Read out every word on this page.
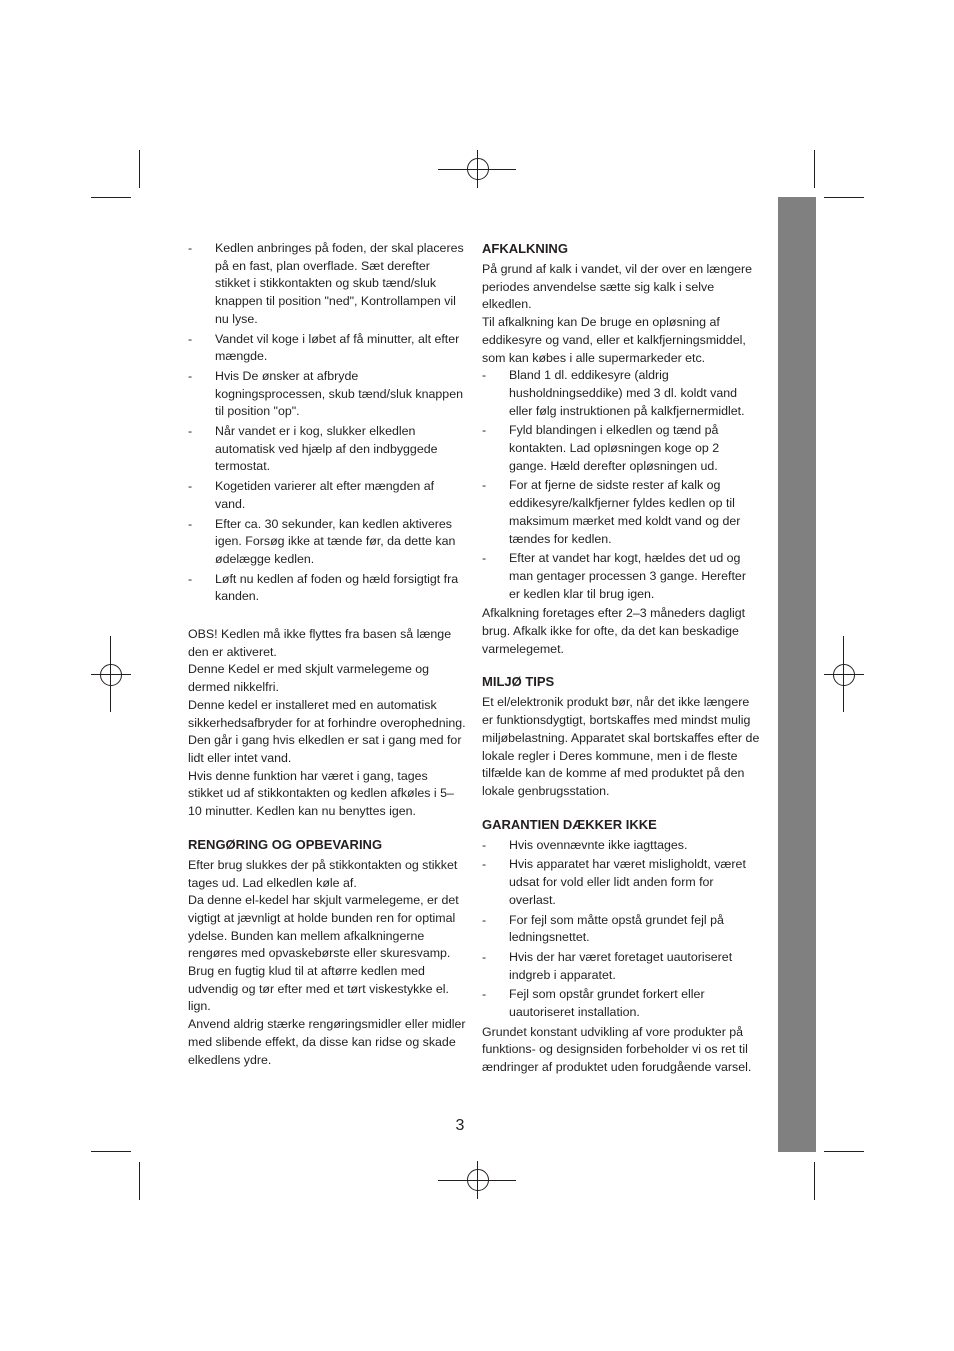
- Kedlen anbringes på foden, der skal placeres på en fast, plan overflade. Sæt derefter stikket i stikkontakten og skub tænd/sluk knappen til position "ned", Kontrollampen vil nu lyse.
- Vandet vil koge i løbet af få minutter, alt efter mængde.
- Hvis De ønsker at afbryde kogningsprocessen, skub tænd/sluk knappen til position "op".
- Når vandet er i kog, slukker elkedlen automatisk ved hjælp af den indbyggede termostat.
- Kogetiden varierer alt efter mængden af vand.
- Efter ca. 30 sekunder, kan kedlen aktiveres igen. Forsøg ikke at tænde før, da dette kan ødelægge kedlen.
- Løft nu kedlen af foden og hæld forsigtigt fra kanden.

OBS! Kedlen må ikke flyttes fra basen så længe den er aktiveret.

Denne Kedel er med skjult varmelegeme og dermed nikkelfri.

Denne kedel er installeret med en automatisk sikkerhedsafbryder for at forhindre overophedning. Den går i gang hvis elkedlen er sat i gang med for lidt eller intet vand.

Hvis denne funktion har været i gang, tages stikket ud af stikkontakten og kedlen afkøles i 5–10 minutter. Kedlen kan nu benyttes igen.

RENGØRING OG OPBEVARING

Efter brug slukkes der på stikkontakten og stikket tages ud. Lad elkedlen køle af.

Da denne el-kedel har skjult varmelegeme, er det vigtigt at jævnligt at holde bunden ren for optimal ydelse. Bunden kan mellem afkalkningerne rengøres med opvaskebørste eller skuresvamp. Brug en fugtig klud til at aftørre kedlen med udvendig og tør efter med et tørt viskestykke el. lign.

Anvend aldrig stærke rengøringsmidler eller midler med slibende effekt, da disse kan ridse og skade elkedlens ydre.

AFKALKNING

På grund af kalk i vandet, vil der over en længere periodes anvendelse sætte sig kalk i selve elkedlen.

Til afkalkning kan De bruge en opløsning af eddikesyre og vand, eller et kalkfjerningsmiddel, som kan købes i alle supermarkeder etc.

- Bland 1 dl. eddikesyre (aldrig husholdningseddike) med 3 dl. koldt vand eller følg instruktionen på kalkfjernermidlet.
- Fyld blandingen i elkedlen og tænd på kontakten. Lad opløsningen koge op 2 gange. Hæld derefter opløsningen ud.
- For at fjerne de sidste rester af kalk og eddikesyre/kalkfjerner fyldes kedlen op til maksimum mærket med koldt vand og der tændes for kedlen.
- Efter at vandet har kogt, hældes det ud og man gentager processen 3 gange. Herefter er kedlen klar til brug igen.

Afkalkning foretages efter 2–3 måneders dagligt brug. Afkalk ikke for ofte, da det kan beskadige varmelegemet.

MILJØ TIPS

Et el/elektronik produkt bør, når det ikke længere er funktionsdygtigt, bortskaffes med mindst mulig miljøbelastning. Apparatet skal bortskaffes efter de lokale regler i Deres kommune, men i de fleste tilfælde kan de komme af med produktet på den lokale genbrugsstation.

GARANTIEN DÆKKER IKKE
- Hvis ovennævnte ikke iagttages.
- Hvis apparatet har været misligholdt, været udsat for vold eller lidt anden form for overlast.
- For fejl som måtte opstå grundet fejl på ledningsnettet.
- Hvis der har været foretaget uautoriseret indgreb i apparatet.
- Fejl som opstår grundet forkert eller uautoriseret installation.

Grundet konstant udvikling af vore produkter på funktions- og designsiden forbeholder vi os ret til ændringer af produktet uden forudgående varsel.

3
